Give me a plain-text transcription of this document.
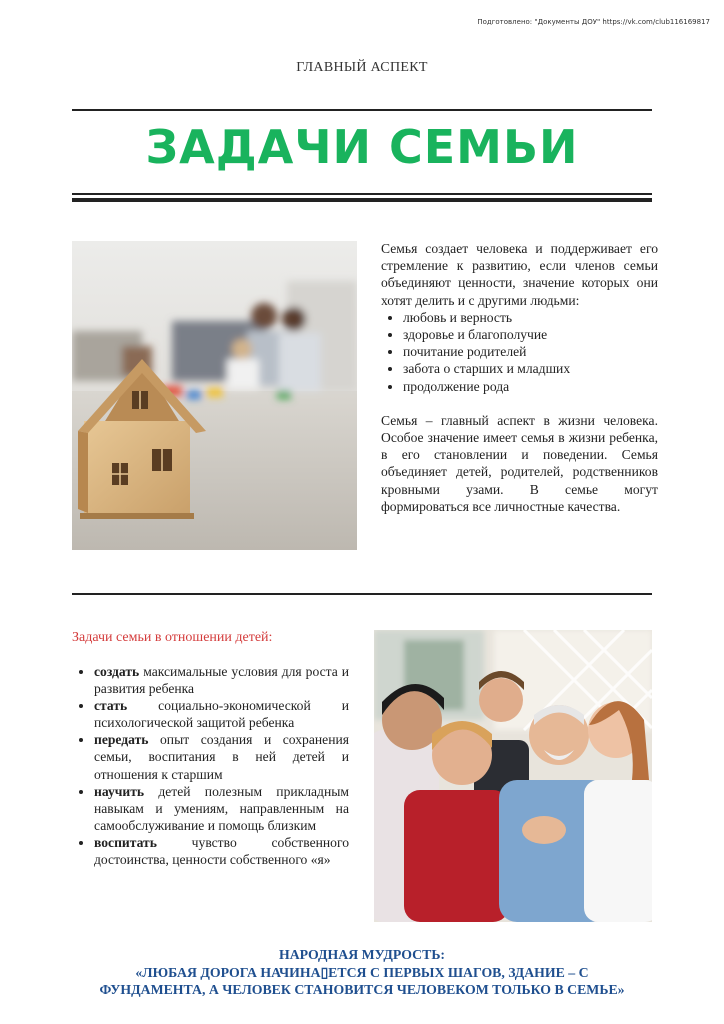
Подготовлено: "Документы ДОУ" https://vk.com/club116169817
ГЛАВНЫЙ АСПЕКТ
ЗАДАЧИ СЕМЬИ

Семья создает человека и поддерживает его стремление к развитию, если членов семьи объединяют ценности, значение которых они хотят делить и с другими людьми:

• любовь и верность
• здоровье и благополучие
• почитание родителей
• забота о старших и младших
• продолжение рода

Семья – главный аспект в жизни человека. Особое значение имеет семья в жизни ребенка, в его становлении и поведении. Семья объединяет детей, родителей, родственников кровными узами. В семье могут формироваться все личностные качества.

Задачи семьи в отношении детей:
• создать максимальные условия для роста и развития ребенка
• стать социально-экономической и психологической защитой ребенка
• передать опыт создания и сохранения семьи, воспитания в ней детей и отношения к старшим
• научить детей полезным прикладным навыкам и умениям, направленным на самообслуживание и помощь близким
• воспитать чувство собственного достоинства, ценности собственного «я»
НАРОДНАЯ МУДРОСТЬ:
«ЛЮБАЯ ДОРОГА НАЧИНА▯ЕТСЯ С ПЕРВЫХ ШАГОВ, ЗДАНИЕ – С
ФУНДАМЕНТА, А ЧЕЛОВЕК СТАНОВИТСЯ ЧЕЛОВЕКОМ ТОЛЬКО В СЕМЬЕ»
